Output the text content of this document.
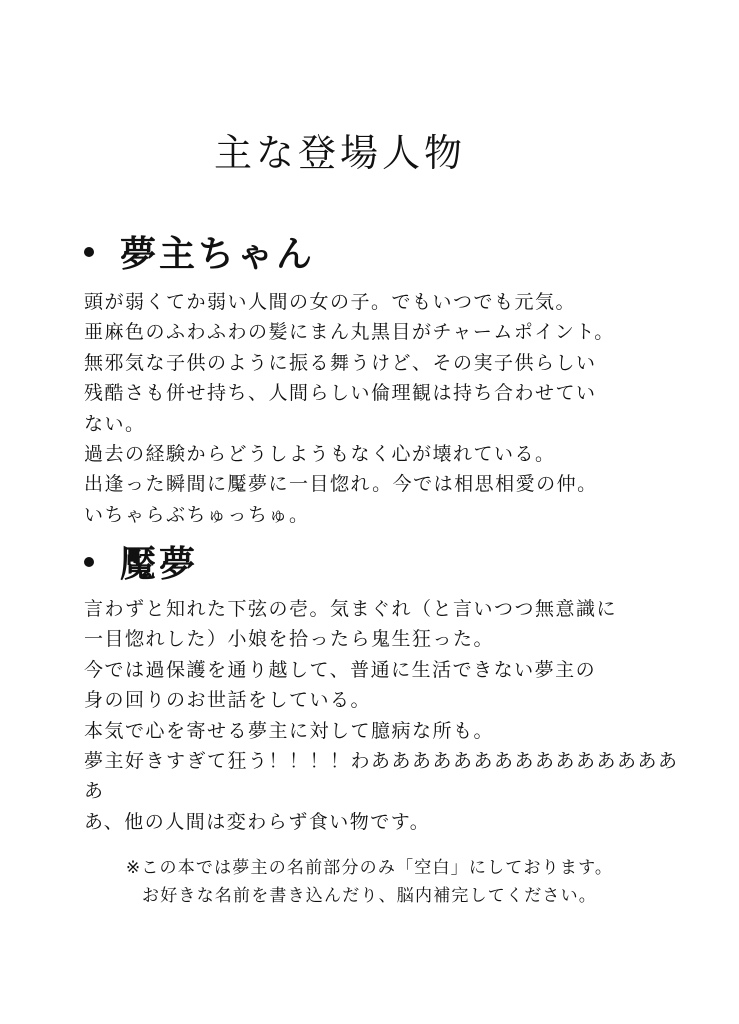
主な登場人物
夢主ちゃん
頭が弱くてか弱い人間の女の子。でもいつでも元気。
亜麻色のふわふわの髪にまん丸黒目がチャームポイント。
無邪気な子供のように振る舞うけど、その実子供らしい
残酷さも併せ持ち、人間らしい倫理観は持ち合わせてい
ない。
過去の経験からどうしようもなく心が壊れている。
出逢った瞬間に魘夢に一目惚れ。今では相思相愛の仲。
いちゃらぶちゅっちゅ。
魘夢
言わずと知れた下弦の壱。気まぐれ（と言いつつ無意識に
一目惚れした）小娘を拾ったら鬼生狂った。
今では過保護を通り越して、普通に生活できない夢主の
身の回りのお世話をしている。
本気で心を寄せる夢主に対して臆病な所も。
夢主好きすぎて狂う！！！！わあああああああああああああああ
あ
あ、他の人間は変わらず食い物です。
※この本では夢主の名前部分のみ「空白」にしております。
お好きな名前を書き込んだり、脳内補完してください。
